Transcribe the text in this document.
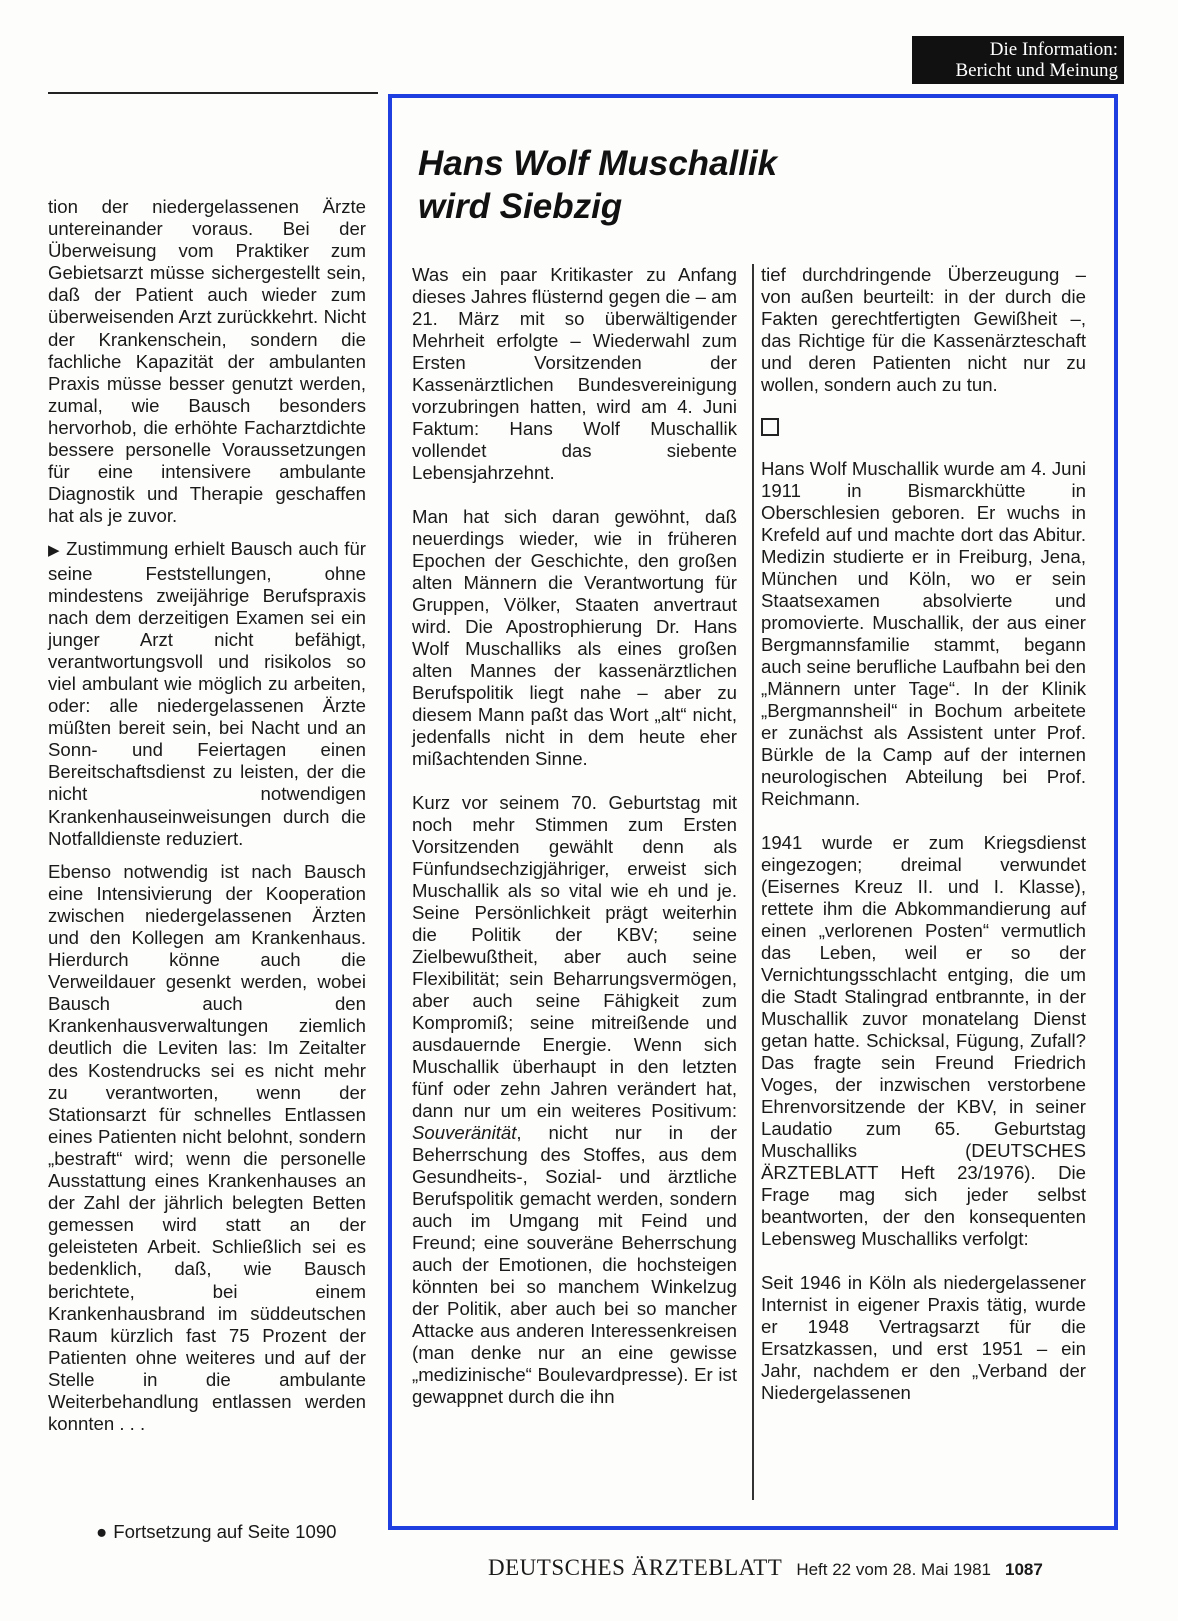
Die Information:
Bericht und Meinung

tion der niedergelassenen Ärzte untereinander voraus. Bei der Überweisung vom Praktiker zum Gebietsarzt müsse sichergestellt sein, daß der Patient auch wieder zum überweisenden Arzt zurückkehrt. Nicht der Krankenschein, sondern die fachliche Kapazität der ambulanten Praxis müsse besser genutzt werden, zumal, wie Bausch besonders hervorhob, die erhöhte Facharztdichte bessere personelle Voraussetzungen für eine intensivere ambulante Diagnostik und Therapie geschaffen hat als je zuvor.

▶ Zustimmung erhielt Bausch auch für seine Feststellungen, ohne mindestens zweijährige Berufspraxis nach dem derzeitigen Examen sei ein junger Arzt nicht befähigt, verantwortungsvoll und risikolos so viel ambulant wie möglich zu arbeiten, oder: alle niedergelassenen Ärzte müßten bereit sein, bei Nacht und an Sonn- und Feiertagen einen Bereitschaftsdienst zu leisten, der die nicht notwendigen Krankenhauseinweisungen durch die Notfalldienste reduziert.

Ebenso notwendig ist nach Bausch eine Intensivierung der Kooperation zwischen niedergelassenen Ärzten und den Kollegen am Krankenhaus. Hierdurch könne auch die Verweildauer gesenkt werden, wobei Bausch auch den Krankenhausverwaltungen ziemlich deutlich die Leviten las: Im Zeitalter des Kostendrucks sei es nicht mehr zu verantworten, wenn der Stationsarzt für schnelles Entlassen eines Patienten nicht belohnt, sondern „bestraft“ wird; wenn die personelle Ausstattung eines Krankenhauses an der Zahl der jährlich belegten Betten gemessen wird statt an der geleisteten Arbeit. Schließlich sei es bedenklich, daß, wie Bausch berichtete, bei einem Krankenhausbrand im süddeutschen Raum kürzlich fast 75 Prozent der Patienten ohne weiteres und auf der Stelle in die ambulante Weiterbehandlung entlassen werden konnten . . .

● Fortsetzung auf Seite 1090
Hans Wolf Muschallik
wird Siebzig

Was ein paar Kritikaster zu Anfang dieses Jahres flüsternd gegen die – am 21. März mit so überwältigender Mehrheit erfolgte – Wiederwahl zum Ersten Vorsitzenden der Kassenärztlichen Bundesvereinigung vorzubringen hatten, wird am 4. Juni Faktum: Hans Wolf Muschallik vollendet das siebente Lebensjahrzehnt.

Man hat sich daran gewöhnt, daß neuerdings wieder, wie in früheren Epochen der Geschichte, den großen alten Männern die Verantwortung für Gruppen, Völker, Staaten anvertraut wird. Die Apostrophierung Dr. Hans Wolf Muschalliks als eines großen alten Mannes der kassenärztlichen Berufspolitik liegt nahe – aber zu diesem Mann paßt das Wort „alt“ nicht, jedenfalls nicht in dem heute eher mißachtenden Sinne.

Kurz vor seinem 70. Geburtstag mit noch mehr Stimmen zum Ersten Vorsitzenden gewählt denn als Fünfundsechzigjähriger, erweist sich Muschallik als so vital wie eh und je. Seine Persönlichkeit prägt weiterhin die Politik der KBV; seine Zielbewußtheit, aber auch seine Flexibilität; sein Beharrungsvermögen, aber auch seine Fähigkeit zum Kompromiß; seine mitreißende und ausdauernde Energie. Wenn sich Muschallik überhaupt in den letzten fünf oder zehn Jahren verändert hat, dann nur um ein weiteres Positivum: Souveränität, nicht nur in der Beherrschung des Stoffes, aus dem Gesundheits-, Sozial- und ärztliche Berufspolitik gemacht werden, sondern auch im Umgang mit Feind und Freund; eine souveräne Beherrschung auch der Emotionen, die hochsteigen könnten bei so manchem Winkelzug der Politik, aber auch bei so mancher Attacke aus anderen Interessenkreisen (man denke nur an eine gewisse „medizinische“ Boulevardpresse). Er ist gewappnet durch die ihn

tief durchdringende Überzeugung – von außen beurteilt: in der durch die Fakten gerechtfertigten Gewißheit –, das Richtige für die Kassenärzteschaft und deren Patienten nicht nur zu wollen, sondern auch zu tun.

Hans Wolf Muschallik wurde am 4. Juni 1911 in Bismarckhütte in Oberschlesien geboren. Er wuchs in Krefeld auf und machte dort das Abitur. Medizin studierte er in Freiburg, Jena, München und Köln, wo er sein Staatsexamen absolvierte und promovierte. Muschallik, der aus einer Bergmannsfamilie stammt, begann auch seine berufliche Laufbahn bei den „Männern unter Tage“. In der Klinik „Bergmannsheil“ in Bochum arbeitete er zunächst als Assistent unter Prof. Bürkle de la Camp auf der internen neurologischen Abteilung bei Prof. Reichmann.

1941 wurde er zum Kriegsdienst eingezogen; dreimal verwundet (Eisernes Kreuz II. und I. Klasse), rettete ihm die Abkommandierung auf einen „verlorenen Posten“ vermutlich das Leben, weil er so der Vernichtungsschlacht entging, die um die Stadt Stalingrad entbrannte, in der Muschallik zuvor monatelang Dienst getan hatte. Schicksal, Fügung, Zufall? Das fragte sein Freund Friedrich Voges, der inzwischen verstorbene Ehrenvorsitzende der KBV, in seiner Laudatio zum 65. Geburtstag Muschalliks (DEUTSCHES ÄRZTEBLATT Heft 23/1976). Die Frage mag sich jeder selbst beantworten, der den konsequenten Lebensweg Muschalliks verfolgt:

Seit 1946 in Köln als niedergelassener Internist in eigener Praxis tätig, wurde er 1948 Vertragsarzt für die Ersatzkassen, und erst 1951 – ein Jahr, nachdem er den „Verband der Niedergelassenen

DEUTSCHES ÄRZTEBLATT Heft 22 vom 28. Mai 1981 1087
